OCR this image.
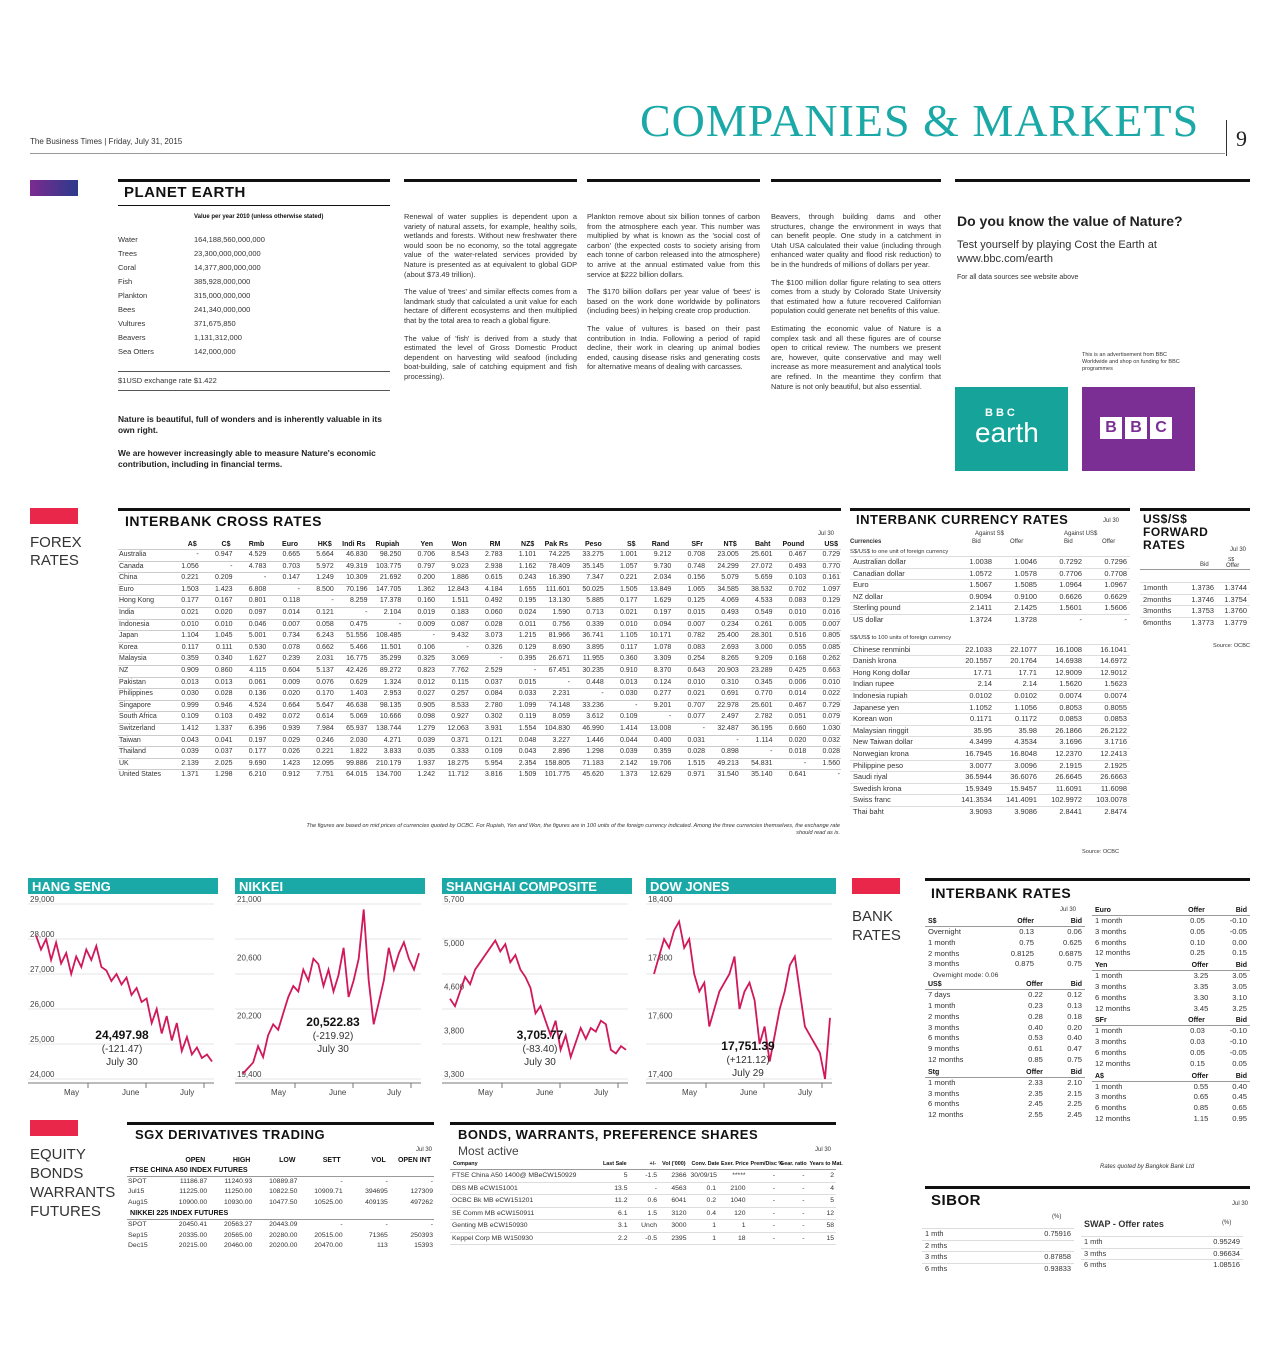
The Business Times | Friday, July 31, 2015	COMPANIES & MARKETS 9
PLANET EARTH
Value per year 2010 (unless otherwise stated)
Water	164,188,560,000,000
Trees	23,300,000,000,000
Coral	14,377,800,000,000
Fish	385,928,000,000
Plankton	315,000,000,000
Bees	241,340,000,000
Vultures	371,675,850
Beavers	1,131,312,000
Sea Otters	142,000,000
$1USD exchange rate $1.422
Nature is beautiful, full of wonders and is inherently valuable in its own right.
We are however increasingly able to measure Nature's economic contribution, including in financial terms.

Renewal of water supplies is dependent upon a variety of natural assets, for example, healthy soils, wetlands and forests. Without new freshwater there would soon be no economy, so the total aggregate value of the water-related services provided by Nature is presented as at equivalent to global GDP (about $73.49 trillion).

The value of 'trees' and similar effects comes from a landmark study that calculated a unit value for each hectare of different ecosystems and then multiplied that by the total area to reach a global figure.

The value of 'fish' is derived from a study that estimated the level of Gross Domestic Product dependent on harvesting wild seafood (including boat-building, sale of catching equipment and fish processing).

Plankton remove about six billion tonnes of carbon from the atmosphere each year. This number was multiplied by what is known as the 'social cost of carbon' (the expected costs to society arising from each tonne of carbon released into the atmosphere) to arrive at the annual estimated value from this service at $222 billion dollars.

The $170 billion dollars per year value of 'bees' is based on the work done worldwide by pollinators (including bees) in helping create crop production.

The value of vultures is based on their past contribution in India. Following a period of rapid decline, their work in clearing up animal bodies ended, causing disease risks and generating costs for alternative means of dealing with carcasses.

Beavers, through building dams and other structures, change the environment in ways that can benefit people. One study in a catchment in Utah USA calculated their value (including through enhanced water quality and flood risk reduction) to be in the hundreds of millions of dollars per year.

The $100 million dollar figure relating to sea otters comes from a study by Colorado State University that estimated how a future recovered Californian population could generate net benefits of this value.

Estimating the economic value of Nature is a complex task and all these figures are of course open to critical review. The numbers we present are, however, quite conservative and may well increase as more measurement and analytical tools are refined. In the meantime they confirm that Nature is not only beautiful, but also essential.

Do you know the value of Nature?
Test yourself by playing Cost the Earth at www.bbc.com/earth
For all data sources see website above
This is an advertisement from BBC Worldwide and shop on funding for BBC programmes
BBC
earth	B B C
FOREX
RATES
INTERBANK CROSS RATES
Jul 30
	A$	C$	Rmb	Euro	HK$	Indi Rs	Rupiah	Yen	Won	RM	NZ$	Pak Rs	Peso	S$	Rand	SFr	NT$	Baht	Pound	US$
Australia	-	0.947	4.529	0.665	5.664	46.830	98.250	0.706	8.543	2.783	1.101	74.225	33.275	1.001	9.212	0.708	23.005	25.601	0.467	0.729
Canada	1.056	-	4.783	0.703	5.972	49.319	103.775	0.797	9.023	2.938	1.162	78.409	35.145	1.057	9.730	0.748	24.299	27.072	0.493	0.770
China	0.221	0.209	-	0.147	1.249	10.309	21.692	0.200	1.886	0.615	0.243	16.390	7.347	0.221	2.034	0.156	5.079	5.659	0.103	0.161
Euro	1.503	1.423	6.808	-	8.500	70.196	147.705	1.362	12.843	4.184	1.655	111.601	50.025	1.505	13.849	1.065	34.585	38.532	0.702	1.097
Hong Kong	0.177	0.167	0.801	0.118	-	8.259	17.378	0.160	1.511	0.492	0.195	13.130	5.885	0.177	1.629	0.125	4.069	4.533	0.083	0.129
India	0.021	0.020	0.097	0.014	0.121	-	2.104	0.019	0.183	0.060	0.024	1.590	0.713	0.021	0.197	0.015	0.493	0.549	0.010	0.016
Indonesia	0.010	0.010	0.046	0.007	0.058	0.475	-	0.009	0.087	0.028	0.011	0.756	0.339	0.010	0.094	0.007	0.234	0.261	0.005	0.007
Japan	1.104	1.045	5.001	0.734	6.243	51.556	108.485	-	9.432	3.073	1.215	81.966	36.741	1.105	10.171	0.782	25.400	28.301	0.516	0.805
Korea	0.117	0.111	0.530	0.078	0.662	5.466	11.501	0.106	-	0.326	0.129	8.690	3.895	0.117	1.078	0.083	2.693	3.000	0.055	0.085
Malaysia	0.359	0.340	1.627	0.239	2.031	16.775	35.299	0.325	3.069	-	0.395	26.671	11.955	0.360	3.309	0.254	8.265	9.209	0.168	0.262
NZ	0.909	0.860	4.115	0.604	5.137	42.426	89.272	0.823	7.762	2.529	-	67.451	30.235	0.910	8.370	0.643	20.903	23.289	0.425	0.663
Pakistan	0.013	0.013	0.061	0.009	0.076	0.629	1.324	0.012	0.115	0.037	0.015	-	0.448	0.013	0.124	0.010	0.310	0.345	0.006	0.010
Philippines	0.030	0.028	0.136	0.020	0.170	1.403	2.953	0.027	0.257	0.084	0.033	2.231	-	0.030	0.277	0.021	0.691	0.770	0.014	0.022
Singapore	0.999	0.946	4.524	0.664	5.647	46.638	98.135	0.905	8.533	2.780	1.099	74.148	33.236	-	9.201	0.707	22.978	25.601	0.467	0.729
South Africa	0.109	0.103	0.492	0.072	0.614	5.069	10.666	0.098	0.927	0.302	0.119	8.059	3.612	0.109	-	0.077	2.497	2.782	0.051	0.079
Switzerland	1.412	1.337	6.396	0.939	7.984	65.937	138.744	1.279	12.063	3.931	1.554	104.830	46.990	1.414	13.008	-	32.487	36.195	0.660	1.030
Taiwan	0.043	0.041	0.197	0.029	0.246	2.030	4.271	0.039	0.371	0.121	0.048	3.227	1.446	0.044	0.400	0.031	-	1.114	0.020	0.032
Thailand	0.039	0.037	0.177	0.026	0.221	1.822	3.833	0.035	0.333	0.109	0.043	2.896	1.298	0.039	0.359	0.028	0.898	-	0.018	0.028
UK	2.139	2.025	9.690	1.423	12.095	99.886	210.179	1.937	18.275	5.954	2.354	158.805	71.183	2.142	19.706	1.515	49.213	54.831	-	1.560
United States	1.371	1.298	6.210	0.912	7.751	64.015	134.700	1.242	11.712	3.816	1.509	101.775	45.620	1.373	12.629	0.971	31.540	35.140	0.641	-
The figures are based on mid prices of currencies quoted by OCBC. For Rupiah, Yen and Won, the figures are in 100 units of the foreign currency indicated. Among the three currencies themselves, the exchange rate should read as is.
INTERBANK CURRENCY RATES	Jul 30
Against S$	Against US$
Currencies	Bid	Offer	Bid	Offer
S$/US$ to one unit of foreign currency
Australian dollar	1.0038	1.0046	0.7292	0.7296
Canadian dollar	1.0572	1.0578	0.7706	0.7708
Euro	1.5067	1.5085	1.0964	1.0967
NZ dollar	0.9094	0.9100	0.6626	0.6629
Sterling pound	2.1411	2.1425	1.5601	1.5606
US dollar	1.3724	1.3728	-	-
S$/US$ to 100 units of foreign currency
Chinese renminbi	22.1033	22.1077	16.1008	16.1041
Danish krona	20.1557	20.1764	14.6938	14.6972
Hong Kong dollar	17.71	17.71	12.9009	12.9012
Indian rupee	2.14	2.14	1.5620	1.5623
Indonesia rupiah	0.0102	0.0102	0.0074	0.0074
Japanese yen	1.1052	1.1056	0.8053	0.8055
Korean won	0.1171	0.1172	0.0853	0.0853
Malaysian ringgit	35.95	35.98	26.1866	26.2122
New Taiwan dollar	4.3499	4.3534	3.1696	3.1716
Norwegian krona	16.7945	16.8048	12.2370	12.2413
Philippine peso	3.0077	3.0096	2.1915	2.1925
Saudi riyal	36.5944	36.6076	26.6645	26.6663
Swedish krona	15.9349	15.9457	11.6091	11.6098
Swiss franc	141.3534	141.4091	102.9972	103.0078
Thai baht	3.9093	3.9086	2.8441	2.8474
Source: OCBC
US$/S$ FORWARD RATES	Jul 30
Bid
S$
Offer
1month	1.3736	1.3744
2months	1.3746	1.3754
3months	1.3753	1.3760
6months	1.3773	1.3779
Source: OCBC
HANG SENG
29,000
28,000
27,000
26,000
25,000
24,000
May	June	July
24,497.98
(-121.47)
July 30
NIKKEI
21,000
20,600
20,200
19,400
May	June	July
20,522.83
(-219.92)
July 30
SHANGHAI COMPOSITE
5,700
5,000
4,600
3,800
3,300
May	June	July
3,705.77
(-83.40)
July 30
DOW JONES
18,400
17,800
17,600
17,400
May	June	July
17,751.39
(+121.12)
July 29
BANK
RATES
INTERBANK RATES
Jul 30
S$	Offer	Bid
Overnight	0.13	0.06
1 month	0.75	0.625
2 months	0.8125	0.6875
3 months	0.875	0.75
Overnight mode: 0.06
US$	Offer	Bid
7 days	0.22	0.12
1 month	0.23	0.13
2 months	0.28	0.18
3 months	0.40	0.20
6 months	0.53	0.40
9 months	0.61	0.47
12 months	0.85	0.75
Stg	Offer	Bid
1 month	2.33	2.10
3 months	2.35	2.15
6 months	2.45	2.25
12 months	2.55	2.45
Euro	Offer	Bid
1 month	0.05	-0.10
3 months	0.05	-0.05
6 months	0.10	0.00
12 months	0.25	0.15
Yen	Offer	Bid
1 month	3.25	3.05
3 months	3.35	3.05
6 months	3.30	3.10
12 months	3.45	3.25
SFr	Offer	Bid
1 month	0.03	-0.10
3 months	0.03	-0.10
6 months	0.05	-0.05
12 months	0.15	0.05
A$	Offer	Bid
1 month	0.55	0.40
3 months	0.65	0.45
6 months	0.85	0.65
12 months	1.15	0.95
Rates quoted by Bangkok Bank Ltd
SIBOR	Jul 30
(%)
1 mth	0.75916
2 mths	
3 mths	0.87858
6 mths	0.93833
SWAP - Offer rates	(%)
1 mth	0.95249
3 mths	0.96634
6 mths	1.08516
EQUITY
BONDS
WARRANTS
FUTURES
SGX DERIVATIVES TRADING
Jul 30
	OPEN	HIGH	LOW	SETT	VOL	OPEN INT
FTSE CHINA A50 INDEX FUTURES						
SPOT	11186.87	11240.93	10889.87	-	-	-
Jul15	11225.00	11250.00	10822.50	10909.71	394695	127309
Aug15	10900.00	10930.00	10477.50	10525.00	409135	497262
NIKKEI 225 INDEX FUTURES						
SPOT	20450.41	20563.27	20443.09	-	-	-
Sep15	20335.00	20565.00	20280.00	20515.00	71365	250393
Dec15	20215.00	20460.00	20200.00	20470.00	113	15393
BONDS, WARRANTS, PREFERENCE SHARES
Most active	Jul 30
Company	Last Sale	+/-	Vol ('000)	Conv. Date	Exer. Price	Prem/Disc %	Gear. ratio	Years to Mat.
FTSE China A50 1400@ MBeCW150929	5	-1.5	2366	30/09/15	*****	-	-	2
DBS MB eCW151001	13.5	-	4563	0.1	2100	-	-	4
OCBC Bk MB eCW151201	11.2	0.6	6041	0.2	1040	-	-	5
SE Comm MB eCW150911	6.1	1.5	3120	0.4	120	-	-	12
Genting MB eCW150930	3.1	Unch	3000	1	1	-	-	58
Keppel Corp MB W150930	2.2	-0.5	2395	1	18	-	-	15
